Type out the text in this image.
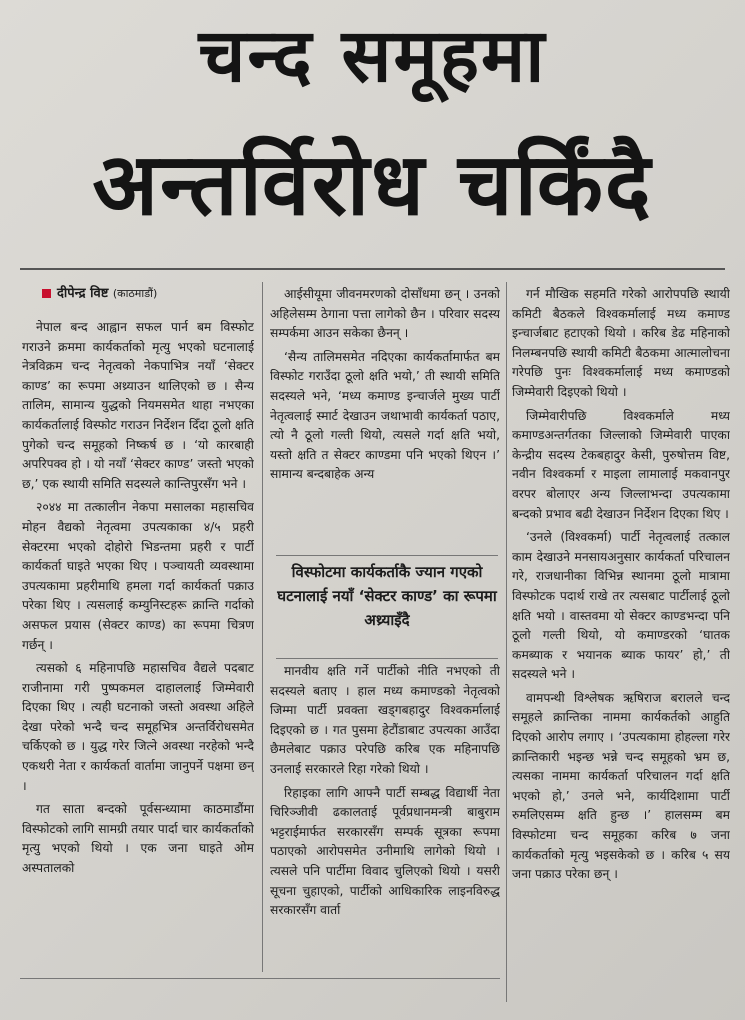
चन्द समूहमा
अन्तर्विरोध चर्किंदै
दीपेन्द्र विष्ट (काठमाडौं)

नेपाल बन्द आह्वान सफल पार्न बम विस्फोट गराउने क्रममा कार्यकर्ताको मृत्यु भएको घटनालाई नेत्रविक्रम चन्द नेतृत्वको नेकपाभित्र नयाँ ‘सेक्टर काण्ड’ का रूपमा अथ्र्याउन थालिएको छ । सैन्य तालिम, सामान्य युद्धको नियमसमेत थाहा नभएका कार्यकर्तालाई विस्फोट गराउन निर्देशन दिँदा ठूलो क्षति पुगेको चन्द समूहको निष्कर्ष छ । ‘यो कारबाही अपरिपक्व हो । यो नयाँ ‘सेक्टर काण्ड’ जस्तो भएको छ,’ एक स्थायी समिति सदस्यले कान्तिपुरसँग भने ।

२०४४ मा तत्कालीन नेकपा मसालका महासचिव मोहन वैद्यको नेतृत्वमा उपत्यकाका ४/५ प्रहरी सेक्टरमा भएको दोहोरो भिडन्तमा प्रहरी र पार्टी कार्यकर्ता घाइते भएका थिए । पञ्चायती व्यवस्थामा उपत्यकामा प्रहरीमाथि हमला गर्दा कार्यकर्ता पक्राउ परेका थिए । त्यसलाई कम्युनिस्टहरू क्रान्ति गर्दाको असफल प्रयास (सेक्टर काण्ड) का रूपमा चित्रण गर्छन् ।

त्यसको ६ महिनापछि महासचिव वैद्यले पदबाट राजीनामा गरी पुष्पकमल दाहाललाई जिम्मेवारी दिएका थिए । त्यही घटनाको जस्तो अवस्था अहिले देखा परेको भन्दै चन्द समूहभित्र अन्तर्विरोधसमेत चर्किएको छ । युद्ध गरेर जित्ने अवस्था नरहेको भन्दै एकथरी नेता र कार्यकर्ता वार्तामा जानुपर्ने पक्षमा छन् ।

गत साता बन्दको पूर्वसन्ध्यामा काठमाडौंमा विस्फोटको लागि सामग्री तयार पार्दा चार कार्यकर्ताको मृत्यु भएको थियो । एक जना घाइते ओम अस्पतालको

आईसीयूमा जीवनमरणको दोसाँधमा छन् । उनको अहिलेसम्म ठेगाना पत्ता लागेको छैन । परिवार सदस्य सम्पर्कमा आउन सकेका छैनन् ।

‘सैन्य तालिमसमेत नदिएका कार्यकर्तामार्फत बम विस्फोट गराउँदा ठूलो क्षति भयो,’ ती स्थायी समिति सदस्यले भने, ‘मध्य कमाण्ड इन्चार्जले मुख्य पार्टी नेतृत्वलाई स्मार्ट देखाउन जथाभावी कार्यकर्ता पठाए, त्यो नै ठूलो गल्ती थियो, त्यसले गर्दा क्षति भयो, यस्तो क्षति त सेक्टर काण्डमा पनि भएको थिएन ।’ सामान्य बन्दबाहेक अन्य

विस्फोटमा कार्यकर्ताकै ज्यान गएको घटनालाई नयाँ ‘सेक्टर काण्ड’ का रूपमा अथ्र्याइँदै

मानवीय क्षति गर्ने पार्टीको नीति नभएको ती सदस्यले बताए । हाल मध्य कमाण्डको नेतृत्वको जिम्मा पार्टी प्रवक्ता खड्गबहादुर विश्वकर्मालाई दिइएको छ । गत पुसमा हेटौंडाबाट उपत्यका आउँदा छैमलेबाट पक्राउ परेपछि करिब एक महिनापछि उनलाई सरकारले रिहा गरेको थियो ।

रिहाइका लागि आफ्नै पार्टी सम्बद्ध विद्यार्थी नेता चिरिञ्जीवी ढकालताई पूर्वप्रधानमन्त्री बाबुराम भट्टराईमार्फत सरकारसँग सम्पर्क सूत्रका रूपमा पठाएको आरोपसमेत उनीमाथि लागेको थियो । त्यसले पनि पार्टीमा विवाद चुलिएको थियो । यसरी सूचना चुहाएको, पार्टीको आधिकारिक लाइनविरुद्ध सरकारसँग वार्ता

गर्न मौखिक सहमति गरेको आरोपपछि स्थायी कमिटी बैठकले विश्वकर्मालाई मध्य कमाण्ड इन्चार्जबाट हटाएको थियो । करिब डेढ महिनाको निलम्बनपछि स्थायी कमिटी बैठकमा आत्मालोचना गरेपछि पुनः विश्वकर्मालाई मध्य कमाण्डको जिम्मेवारी दिइएको थियो ।

जिम्मेवारीपछि विश्वकर्माले मध्य कमाण्डअन्तर्गतका जिल्लाको जिम्मेवारी पाएका केन्द्रीय सदस्य टेकबहादुर केसी, पुरुषोत्तम विष्ट, नवीन विश्वकर्मा र माइला लामालाई मकवानपुर वरपर बोलाएर अन्य जिल्लाभन्दा उपत्यकामा बन्दको प्रभाव बढी देखाउन निर्देशन दिएका थिए ।

‘उनले (विश्वकर्मा) पार्टी नेतृत्वलाई तत्काल काम देखाउने मनसायअनुसार कार्यकर्ता परिचालन गरे, राजधानीका विभिन्न स्थानमा ठूलो मात्रामा विस्फोटक पदार्थ राखे तर त्यसबाट पार्टीलाई ठूलो क्षति भयो । वास्तवमा यो सेक्टर काण्डभन्दा पनि ठूलो गल्ती थियो, यो कमाण्डरको ‘घातक कमब्याक र भयानक ब्याक फायर’ हो,’ ती सदस्यले भने ।

वामपन्थी विश्लेषक ऋषिराज बरालले चन्द समूहले क्रान्तिका नाममा कार्यकर्तको आहुति दिएको आरोप लगाए । ‘उपत्यकामा होहल्ला गरेर क्रान्तिकारी भइन्छ भन्ने चन्द समूहको भ्रम छ, त्यसका नाममा कार्यकर्ता परिचालन गर्दा क्षति भएको हो,’ उनले भने, कार्यदिशामा पार्टी रुमलिएसम्म क्षति हुन्छ ।’ हालसम्म बम विस्फोटमा चन्द समूहका करिब ७ जना कार्यकर्ताको मृत्यु भइसकेको छ । करिब ५ सय जना पक्राउ परेका छन् ।
